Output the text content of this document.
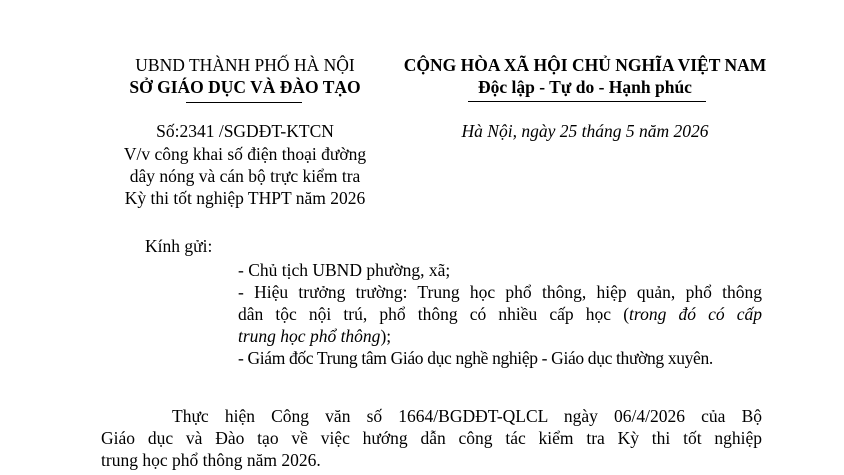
UBND THÀNH PHỐ HÀ NỘI
SỞ GIÁO DỤC VÀ ĐÀO TẠO
Số:2341 /SGDĐT-KTCN
V/v công khai số điện thoại đường
dây nóng và cán bộ trực kiểm tra
Kỳ thi tốt nghiệp THPT năm 2026
CỘNG HÒA XÃ HỘI CHỦ NGHĨA VIỆT NAM
Độc lập - Tự do - Hạnh phúc
Hà Nội, ngày 25 tháng 5 năm 2026
Kính gửi:
- Chủ tịch UBND phường, xã;
- Hiệu trưởng trường: Trung học phổ thông, hiệp quản, phổ thông
dân tộc nội trú, phổ thông có nhiều cấp học (trong đó có cấp
trung học phổ thông);
- Giám đốc Trung tâm Giáo dục nghề nghiệp - Giáo dục thường xuyên.
Thực hiện Công văn số 1664/BGDĐT-QLCL ngày 06/4/2026 của Bộ
Giáo dục và Đào tạo về việc hướng dẫn công tác kiểm tra Kỳ thi tốt nghiệp
trung học phổ thông năm 2026.
